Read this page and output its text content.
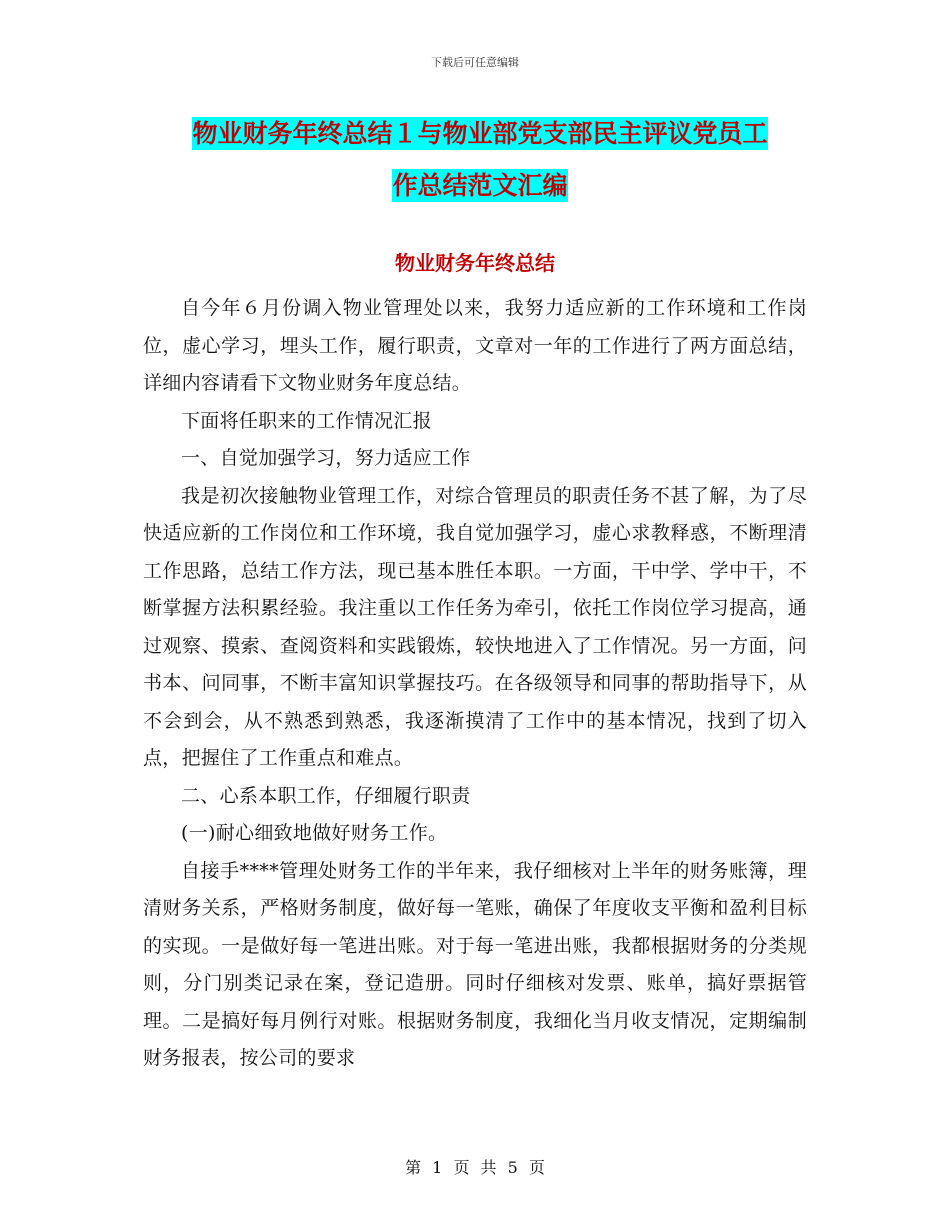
下载后可任意编辑
物业财务年终总结１与物业部党支部民主评议党员工
作总结范文汇编
物业财务年终总结

自今年６月份调入物业管理处以来，我努力适应新的工作环境和工作岗位，虚心学习，埋头工作，履行职责，文章对一年的工作进行了两方面总结，详细内容请看下文物业财务年度总结。

下面将任职来的工作情况汇报

一、自觉加强学习，努力适应工作

我是初次接触物业管理工作，对综合管理员的职责任务不甚了解，为了尽快适应新的工作岗位和工作环境，我自觉加强学习，虚心求教释惑，不断理清工作思路，总结工作方法，现已基本胜任本职。一方面，干中学、学中干，不断掌握方法积累经验。我注重以工作任务为牵引，依托工作岗位学习提高，通过观察、摸索、查阅资料和实践锻炼，较快地进入了工作情况。另一方面，问书本、问同事，不断丰富知识掌握技巧。在各级领导和同事的帮助指导下，从不会到会，从不熟悉到熟悉，我逐渐摸清了工作中的基本情况，找到了切入点，把握住了工作重点和难点。

二、心系本职工作，仔细履行职责

(一)耐心细致地做好财务工作。

自接手****管理处财务工作的半年来，我仔细核对上半年的财务账簿，理清财务关系，严格财务制度，做好每一笔账，确保了年度收支平衡和盈利目标的实现。一是做好每一笔进出账。对于每一笔进出账，我都根据财务的分类规则，分门别类记录在案，登记造册。同时仔细核对发票、账单，搞好票据管理。二是搞好每月例行对账。根据财务制度，我细化当月收支情况，定期编制财务报表，按公司的要求

第 1 页 共 5 页
